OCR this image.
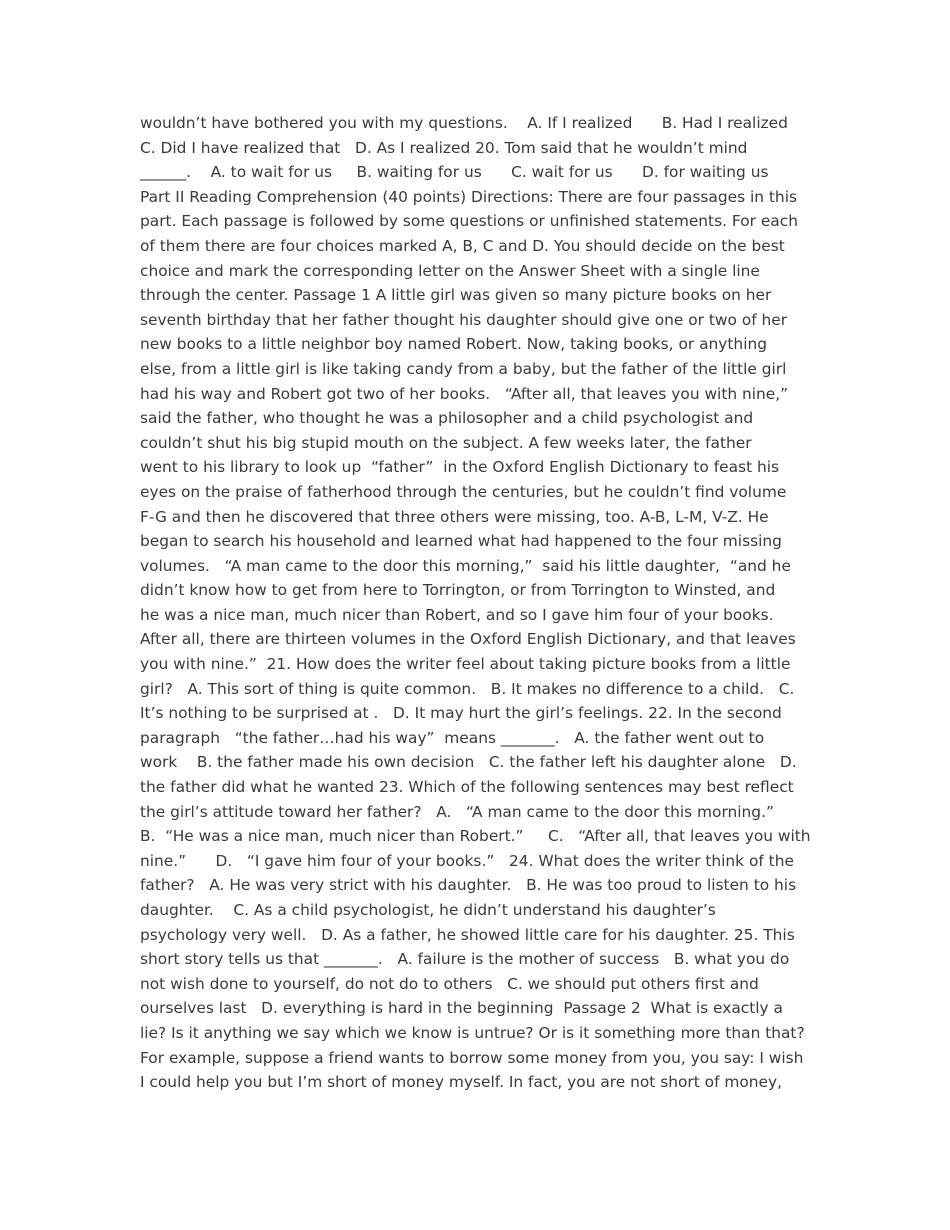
wouldn’t have bothered you with my questions.    A. If I realized      B. Had I realized
C. Did I have realized that   D. As I realized 20. Tom said that he wouldn’t mind
______.    A. to wait for us     B. waiting for us      C. wait for us      D. for waiting us
Part II Reading Comprehension (40 points) Directions: There are four passages in this
part. Each passage is followed by some questions or unfinished statements. For each
of them there are four choices marked A, B, C and D. You should decide on the best
choice and mark the corresponding letter on the Answer Sheet with a single line
through the center. Passage 1 A little girl was given so many picture books on her
seventh birthday that her father thought his daughter should give one or two of her
new books to a little neighbor boy named Robert. Now, taking books, or anything
else, from a little girl is like taking candy from a baby, but the father of the little girl
had his way and Robert got two of her books.   “After all, that leaves you with nine,”
said the father, who thought he was a philosopher and a child psychologist and
couldn’t shut his big stupid mouth on the subject. A few weeks later, the father
went to his library to look up  “father”  in the Oxford English Dictionary to feast his
eyes on the praise of fatherhood through the centuries, but he couldn’t find volume
F-G and then he discovered that three others were missing, too. A-B, L-M, V-Z. He
began to search his household and learned what had happened to the four missing
volumes.   “A man came to the door this morning,”  said his little daughter,  “and he
didn’t know how to get from here to Torrington, or from Torrington to Winsted, and
he was a nice man, much nicer than Robert, and so I gave him four of your books.
After all, there are thirteen volumes in the Oxford English Dictionary, and that leaves
you with nine.”  21. How does the writer feel about taking picture books from a little
girl?   A. This sort of thing is quite common.   B. It makes no difference to a child.   C.
It’s nothing to be surprised at .   D. It may hurt the girl’s feelings. 22. In the second
paragraph   “the father…had his way”  means _______.   A. the father went out to
work    B. the father made his own decision   C. the father left his daughter alone   D.
the father did what he wanted 23. Which of the following sentences may best reflect
the girl’s attitude toward her father?   A.   “A man came to the door this morning.”
B.  “He was a nice man, much nicer than Robert.”     C.   “After all, that leaves you with
nine.”      D.   “I gave him four of your books.”   24. What does the writer think of the
father?   A. He was very strict with his daughter.   B. He was too proud to listen to his
daughter.    C. As a child psychologist, he didn’t understand his daughter’s
psychology very well.   D. As a father, he showed little care for his daughter. 25. This
short story tells us that _______.   A. failure is the mother of success   B. what you do
not wish done to yourself, do not do to others   C. we should put others first and
ourselves last   D. everything is hard in the beginning  Passage 2  What is exactly a
lie? Is it anything we say which we know is untrue? Or is it something more than that?
For example, suppose a friend wants to borrow some money from you, you say: I wish
I could help you but I’m short of money myself. In fact, you are not short of money,
